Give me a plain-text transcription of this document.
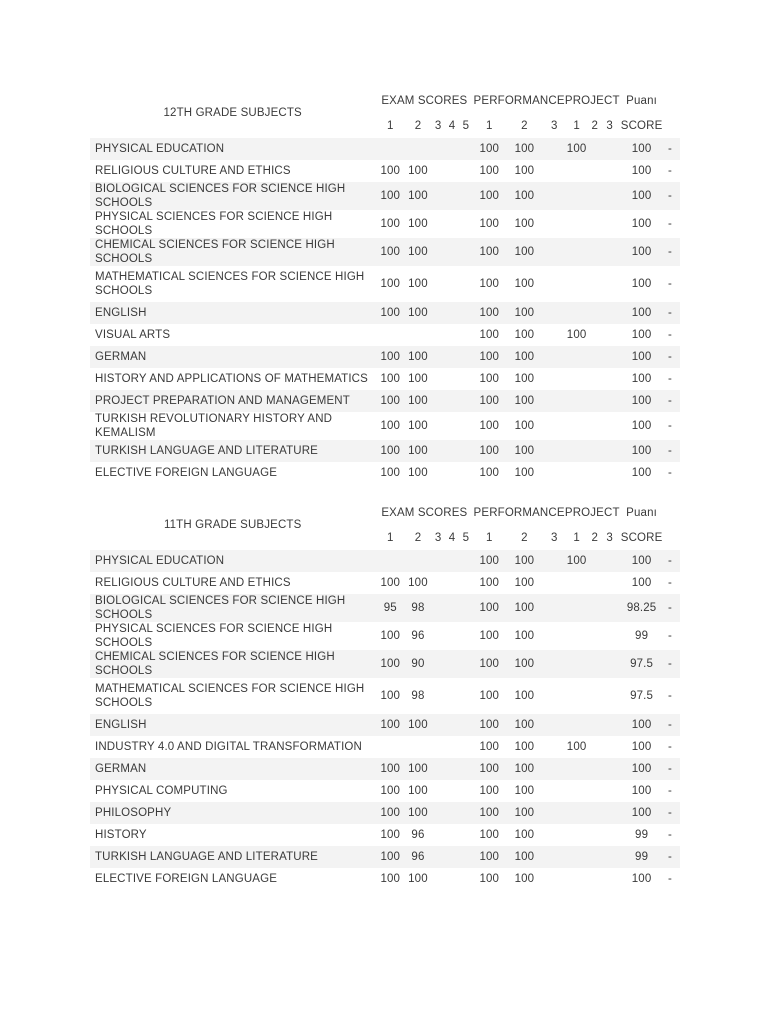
12TH GRADE SUBJECTS	EXAM SCORES					PERFORMANCE			PROJECT			Puanı	
	1	2	3	4	5	1	2	3	1	2	3	SCORE	
PHYSICAL EDUCATION						100	100		100			100	-
RELIGIOUS CULTURE AND ETHICS	100	100				100	100					100	-
BIOLOGICAL SCIENCES FOR SCIENCE HIGH SCHOOLS	100	100				100	100					100	-
PHYSICAL SCIENCES FOR SCIENCE HIGH SCHOOLS	100	100				100	100					100	-
CHEMICAL SCIENCES FOR SCIENCE HIGH SCHOOLS	100	100				100	100					100	-
MATHEMATICAL SCIENCES FOR SCIENCE HIGH SCHOOLS	100	100				100	100					100	-
ENGLISH	100	100				100	100					100	-
VISUAL ARTS						100	100		100			100	-
GERMAN	100	100				100	100					100	-
HISTORY AND APPLICATIONS OF MATHEMATICS	100	100				100	100					100	-
PROJECT PREPARATION AND MANAGEMENT	100	100				100	100					100	-
TURKISH REVOLUTIONARY HISTORY AND KEMALISM	100	100				100	100					100	-
TURKISH LANGUAGE AND LITERATURE	100	100				100	100					100	-
ELECTIVE FOREIGN LANGUAGE	100	100				100	100					100	-
11TH GRADE SUBJECTS	EXAM SCORES					PERFORMANCE			PROJECT			Puanı	
	1	2	3	4	5	1	2	3	1	2	3	SCORE	
PHYSICAL EDUCATION						100	100		100			100	-
RELIGIOUS CULTURE AND ETHICS	100	100				100	100					100	-
BIOLOGICAL SCIENCES FOR SCIENCE HIGH SCHOOLS	95	98				100	100					98.25	-
PHYSICAL SCIENCES FOR SCIENCE HIGH SCHOOLS	100	96				100	100					99	-
CHEMICAL SCIENCES FOR SCIENCE HIGH SCHOOLS	100	90				100	100					97.5	-
MATHEMATICAL SCIENCES FOR SCIENCE HIGH SCHOOLS	100	98				100	100					97.5	-
ENGLISH	100	100				100	100					100	-
INDUSTRY 4.0 AND DIGITAL TRANSFORMATION						100	100		100			100	-
GERMAN	100	100				100	100					100	-
PHYSICAL COMPUTING	100	100				100	100					100	-
PHILOSOPHY	100	100				100	100					100	-
HISTORY	100	96				100	100					99	-
TURKISH LANGUAGE AND LITERATURE	100	96				100	100					99	-
ELECTIVE FOREIGN LANGUAGE	100	100				100	100					100	-
